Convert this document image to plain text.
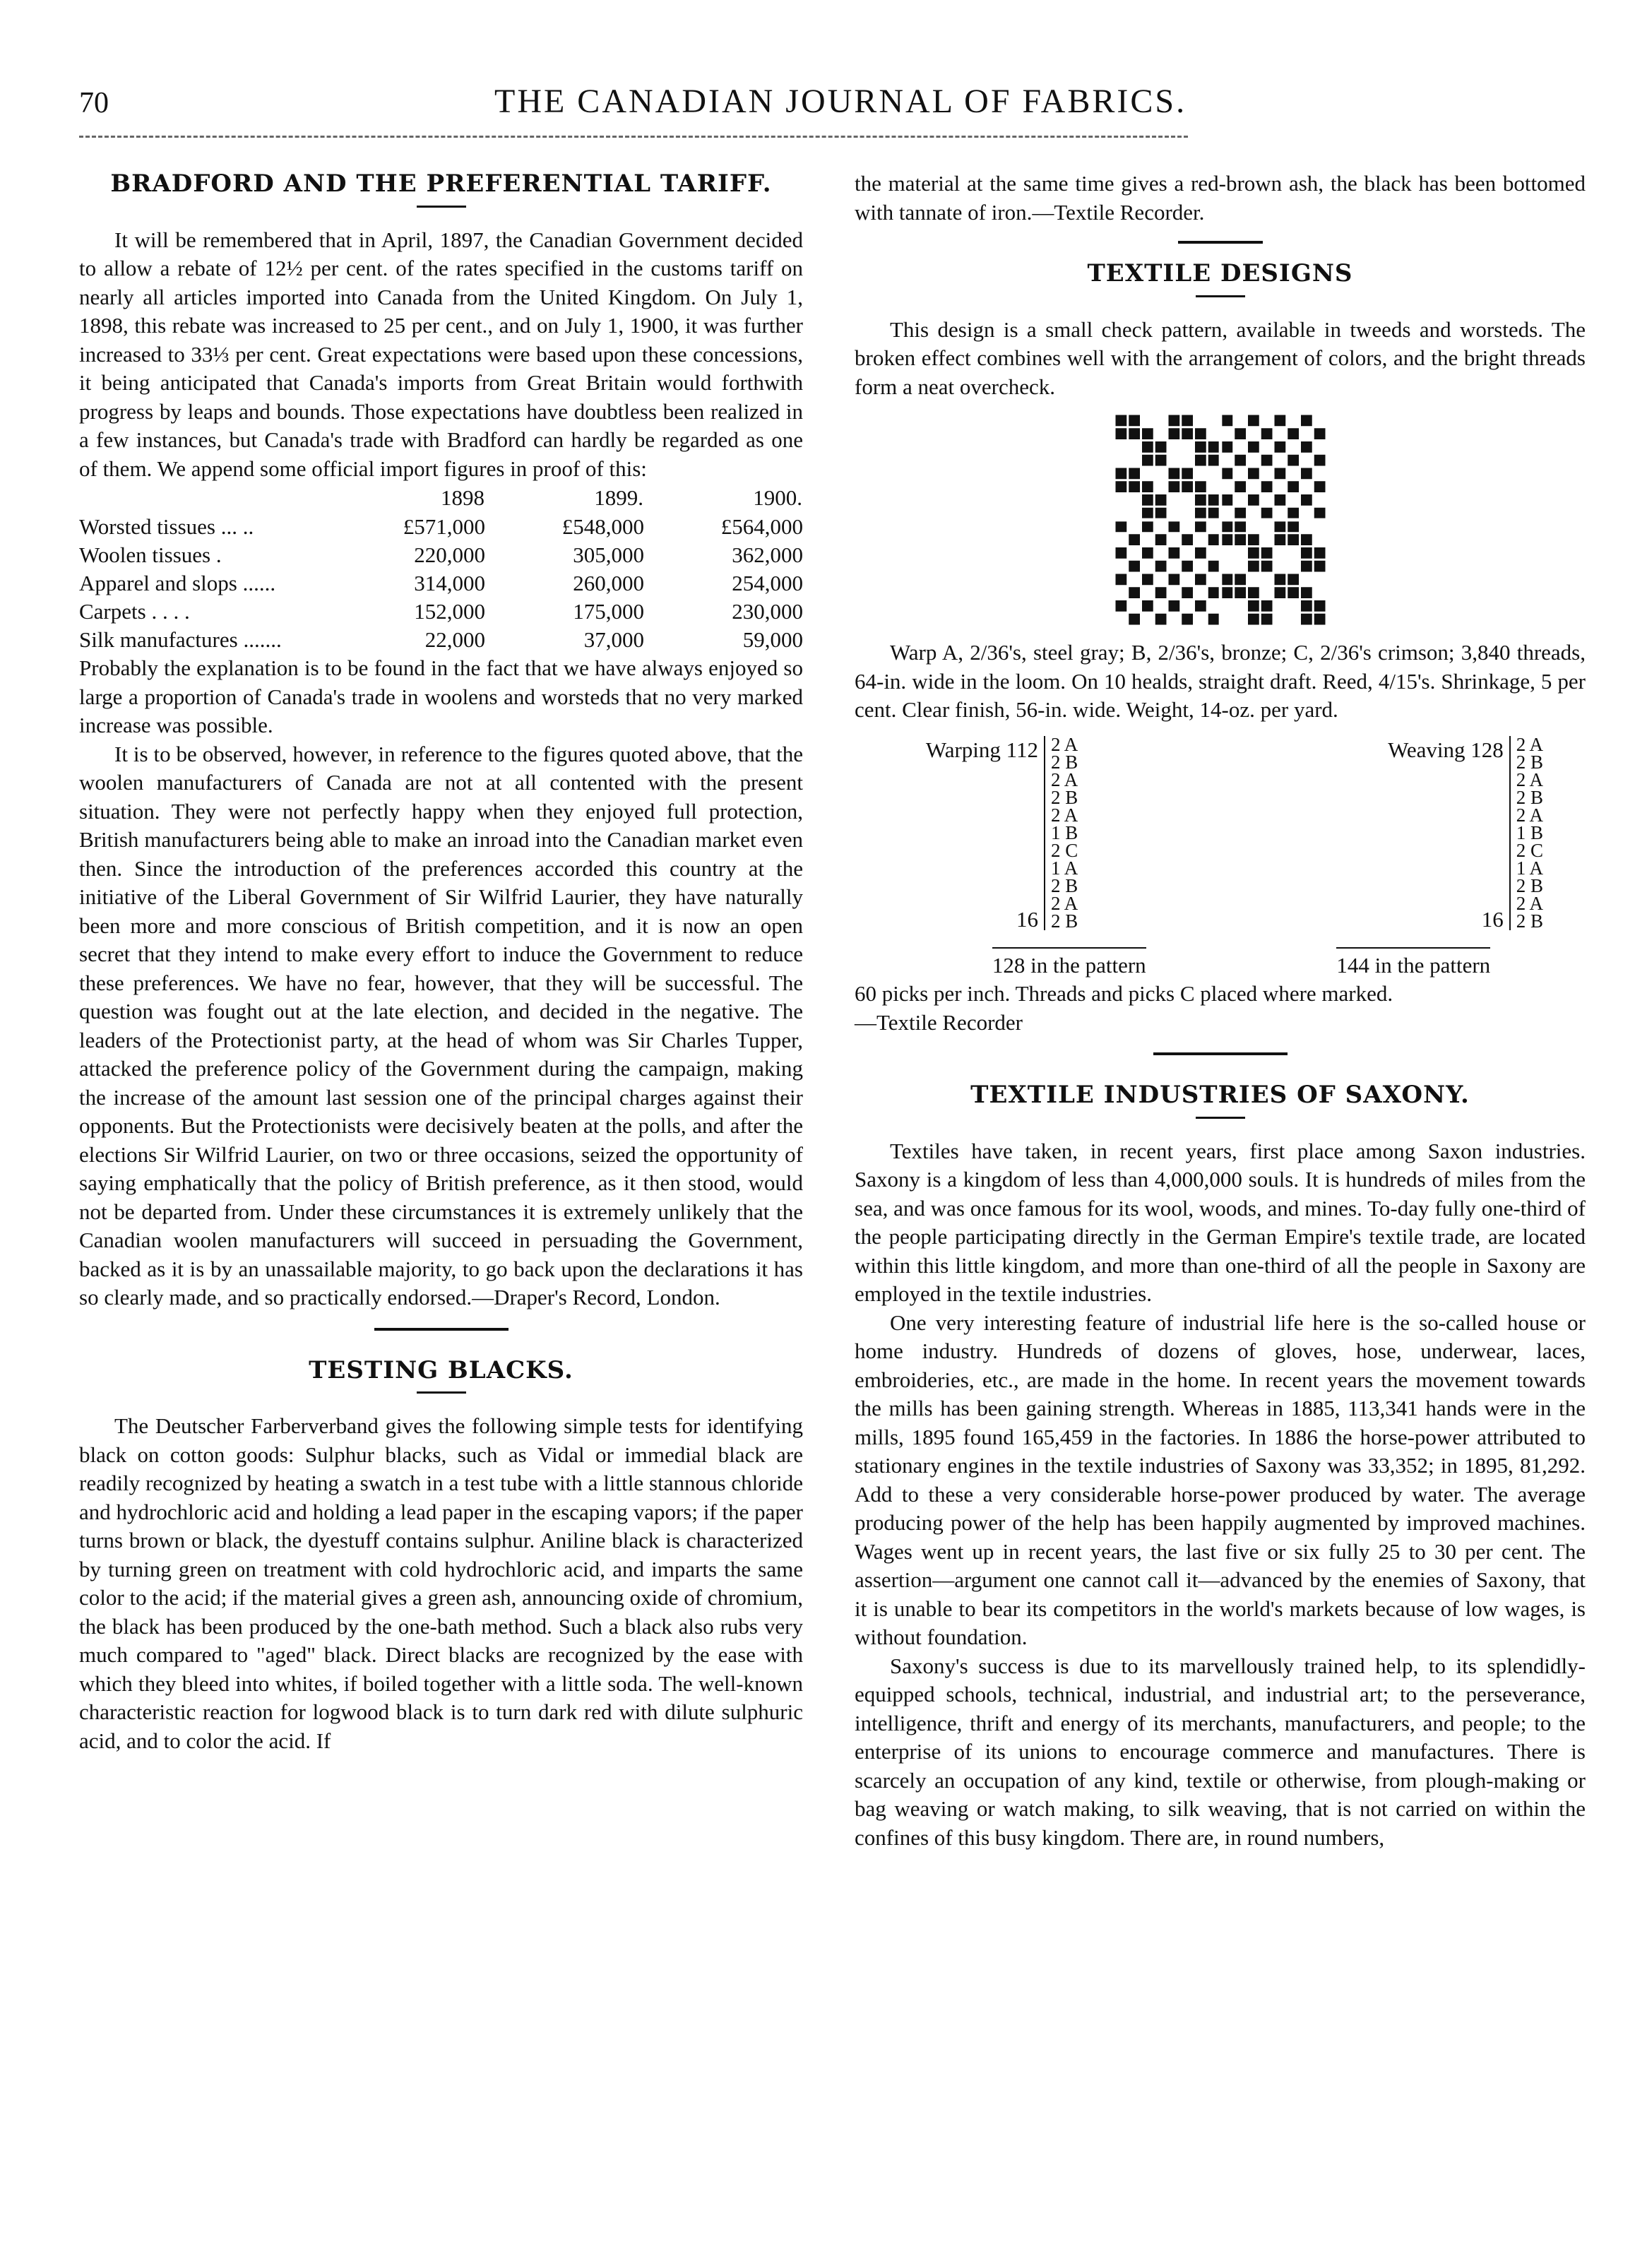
70	THE CANADIAN JOURNAL OF FABRICS.
BRADFORD AND THE PREFERENTIAL TARIFF.

It will be remembered that in April, 1897, the Canadian Government decided to allow a rebate of 12½ per cent. of the rates specified in the customs tariff on nearly all articles imported into Canada from the United Kingdom. On July 1, 1898, this rebate was increased to 25 per cent., and on July 1, 1900, it was further increased to 33⅓ per cent. Great expectations were based upon these concessions, it being anticipated that Canada's imports from Great Britain would forthwith progress by leaps and bounds. Those expectations have doubtless been realized in a few instances, but Canada's trade with Bradford can hardly be regarded as one of them. We append some official import figures in proof of this:

	1898	1899.	1900.
Worsted tissues ... ..	£571,000	£548,000	£564,000
Woolen tissues .	220,000	305,000	362,000
Apparel and slops ......	314,000	260,000	254,000
Carpets . . . .	152,000	175,000	230,000
Silk manufactures .......	22,000	37,000	59,000

Probably the explanation is to be found in the fact that we have always enjoyed so large a proportion of Canada's trade in woolens and worsteds that no very marked increase was possible.

It is to be observed, however, in reference to the figures quoted above, that the woolen manufacturers of Canada are not at all contented with the present situation. They were not perfectly happy when they enjoyed full protection, British manufacturers being able to make an inroad into the Canadian market even then. Since the introduction of the preferences accorded this country at the initiative of the Liberal Government of Sir Wilfrid Laurier, they have naturally been more and more conscious of British competition, and it is now an open secret that they intend to make every effort to induce the Government to reduce these preferences. We have no fear, however, that they will be successful. The question was fought out at the late election, and decided in the negative. The leaders of the Protectionist party, at the head of whom was Sir Charles Tupper, attacked the preference policy of the Government during the campaign, making the increase of the amount last session one of the principal charges against their opponents. But the Protectionists were decisively beaten at the polls, and after the elections Sir Wilfrid Laurier, on two or three occasions, seized the opportunity of saying emphatically that the policy of British preference, as it then stood, would not be departed from. Under these circumstances it is extremely unlikely that the Canadian woolen manufacturers will succeed in persuading the Government, backed as it is by an unassailable majority, to go back upon the declarations it has so clearly made, and so practically endorsed.—Draper's Record, London.

TESTING BLACKS.

The Deutscher Farberverband gives the following simple tests for identifying black on cotton goods: Sulphur blacks, such as Vidal or immedial black are readily recognized by heating a swatch in a test tube with a little stannous chloride and hydrochloric acid and holding a lead paper in the escaping vapors; if the paper turns brown or black, the dyestuff contains sulphur. Aniline black is characterized by turning green on treatment with cold hydrochloric acid, and imparts the same color to the acid; if the material gives a green ash, announcing oxide of chromium, the black has been produced by the one-bath method. Such a black also rubs very much compared to "aged" black. Direct blacks are recognized by the ease with which they bleed into whites, if boiled together with a little soda. The well-known characteristic reaction for logwood black is to turn dark red with dilute sulphuric acid, and to color the acid. If

the material at the same time gives a red-brown ash, the black has been bottomed with tannate of iron.—Textile Recorder.

TEXTILE DESIGNS

This design is a small check pattern, available in tweeds and worsteds. The broken effect combines well with the arrangement of colors, and the bright threads form a neat overcheck.

Warp A, 2/36's, steel gray; B, 2/36's, bronze; C, 2/36's crimson; 3,840 threads, 64-in. wide in the loom. On 10 healds, straight draft. Reed, 4/15's. Shrinkage, 5 per cent. Clear finish, 56-in. wide. Weight, 14-oz. per yard.

Warping 112
16
2 A
2 B
2 A
2 B
2 A
1 B
2 C
1 A
2 B
2 A
2 B
Weaving 128
16
2 A
2 B
2 A
2 B
2 A
1 B
2 C
1 A
2 B
2 A
2 B
128 in the pattern	144 in the pattern

60 picks per inch. Threads and picks C placed where marked.

—Textile Recorder

TEXTILE INDUSTRIES OF SAXONY.

Textiles have taken, in recent years, first place among Saxon industries. Saxony is a kingdom of less than 4,000,000 souls. It is hundreds of miles from the sea, and was once famous for its wool, woods, and mines. To-day fully one-third of the people participating directly in the German Empire's textile trade, are located within this little kingdom, and more than one-third of all the people in Saxony are employed in the textile industries.

One very interesting feature of industrial life here is the so-called house or home industry. Hundreds of dozens of gloves, hose, underwear, laces, embroideries, etc., are made in the home. In recent years the movement towards the mills has been gaining strength. Whereas in 1885, 113,341 hands were in the mills, 1895 found 165,459 in the factories. In 1886 the horse-power attributed to stationary engines in the textile industries of Saxony was 33,352; in 1895, 81,292. Add to these a very considerable horse-power produced by water. The average producing power of the help has been happily augmented by improved machines. Wages went up in recent years, the last five or six fully 25 to 30 per cent. The assertion—argument one cannot call it—advanced by the enemies of Saxony, that it is unable to bear its competitors in the world's markets because of low wages, is without foundation.

Saxony's success is due to its marvellously trained help, to its splendidly-equipped schools, technical, industrial, and industrial art; to the perseverance, intelligence, thrift and energy of its merchants, manufacturers, and people; to the enterprise of its unions to encourage commerce and manufactures. There is scarcely an occupation of any kind, textile or otherwise, from plough-making or bag weaving or watch making, to silk weaving, that is not carried on within the confines of this busy kingdom. There are, in round numbers,
